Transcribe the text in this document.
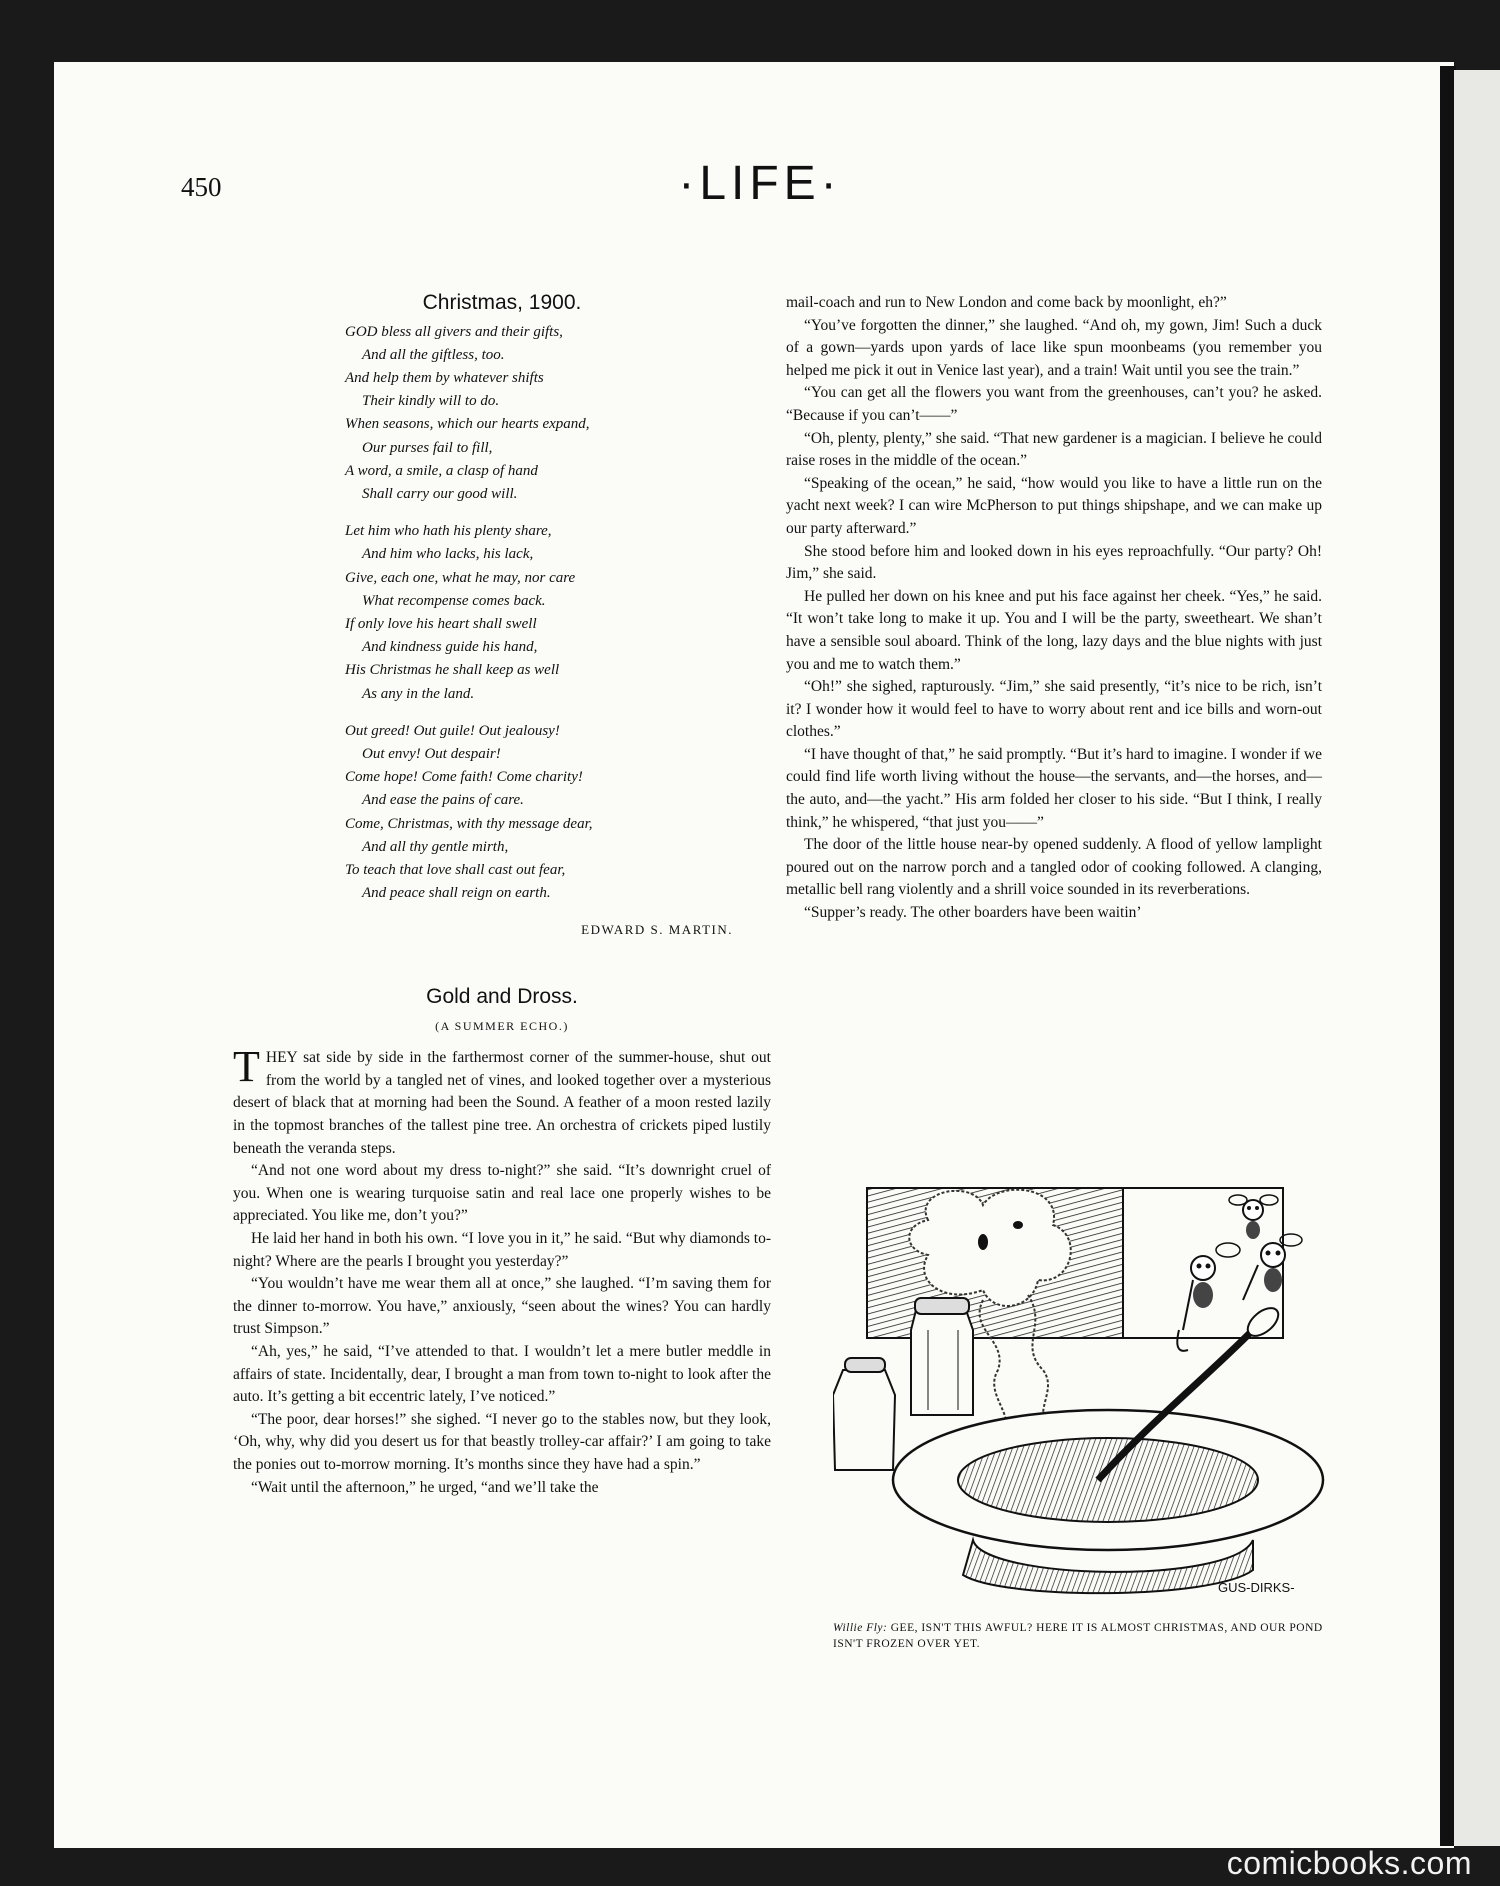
450	·LIFE·
Christmas, 1900.
GOD bless all givers and their gifts,
And all the giftless, too.
And help them by whatever shifts
Their kindly will to do.
When seasons, which our hearts expand,
Our purses fail to fill,
A word, a smile, a clasp of hand
Shall carry our good will.
Let him who hath his plenty share,
And him who lacks, his lack,
Give, each one, what he may, nor care
What recompense comes back.
If only love his heart shall swell
And kindness guide his hand,
His Christmas he shall keep as well
As any in the land.
Out greed! Out guile! Out jealousy!
Out envy! Out despair!
Come hope! Come faith! Come charity!
And ease the pains of care.
Come, Christmas, with thy message dear,
And all thy gentle mirth,
To teach that love shall cast out fear,
And peace shall reign on earth.
EDWARD S. MARTIN.
Gold and Dross.
(A SUMMER ECHO.)

THEY sat side by side in the farthermost corner of the summer-house, shut out from the world by a tangled net of vines, and looked together over a mysterious desert of black that at morning had been the Sound. A feather of a moon rested lazily in the topmost branches of the tallest pine tree. An orchestra of crickets piped lustily beneath the veranda steps.

“And not one word about my dress to-night?” she said. “It’s downright cruel of you. When one is wearing turquoise satin and real lace one properly wishes to be appreciated. You like me, don’t you?”

He laid her hand in both his own. “I love you in it,” he said. “But why diamonds to-night? Where are the pearls I brought you yesterday?”

“You wouldn’t have me wear them all at once,” she laughed. “I’m saving them for the dinner to-morrow. You have,” anxiously, “seen about the wines? You can hardly trust Simpson.”

“Ah, yes,” he said, “I’ve attended to that. I wouldn’t let a mere butler meddle in affairs of state. Incidentally, dear, I brought a man from town to-night to look after the auto. It’s getting a bit eccentric lately, I’ve noticed.”

“The poor, dear horses!” she sighed. “I never go to the stables now, but they look, ‘Oh, why, why did you desert us for that beastly trolley-car affair?’ I am going to take the ponies out to-morrow morning. It’s months since they have had a spin.”

“Wait until the afternoon,” he urged, “and we’ll take the

mail-coach and run to New London and come back by moonlight, eh?”

“You’ve forgotten the dinner,” she laughed. “And oh, my gown, Jim! Such a duck of a gown—yards upon yards of lace like spun moonbeams (you remember you helped me pick it out in Venice last year), and a train! Wait until you see the train.”

“You can get all the flowers you want from the greenhouses, can’t you? he asked. “Because if you can’t——”

“Oh, plenty, plenty,” she said. “That new gardener is a magician. I believe he could raise roses in the middle of the ocean.”

“Speaking of the ocean,” he said, “how would you like to have a little run on the yacht next week? I can wire McPherson to put things shipshape, and we can make up our party afterward.”

She stood before him and looked down in his eyes reproachfully. “Our party? Oh! Jim,” she said.

He pulled her down on his knee and put his face against her cheek. “Yes,” he said. “It won’t take long to make it up. You and I will be the party, sweetheart. We shan’t have a sensible soul aboard. Think of the long, lazy days and the blue nights with just you and me to watch them.”

“Oh!” she sighed, rapturously. “Jim,” she said presently, “it’s nice to be rich, isn’t it? I wonder how it would feel to have to worry about rent and ice bills and worn-out clothes.”

“I have thought of that,” he said promptly. “But it’s hard to imagine. I wonder if we could find life worth living without the house—the servants, and—the horses, and—the auto, and—the yacht.” His arm folded her closer to his side. “But I think, I really think,” he whispered, “that just you——”

The door of the little house near-by opened suddenly. A flood of yellow lamplight poured out on the narrow porch and a tangled odor of cooking followed. A clanging, metallic bell rang violently and a shrill voice sounded in its reverberations.

“Supper’s ready. The other boarders have been waitin’

GUS-DIRKS-
Willie Fly: GEE, ISN'T THIS AWFUL? HERE IT IS ALMOST CHRISTMAS, AND OUR POND ISN'T FROZEN OVER YET.
comicbooks.com
